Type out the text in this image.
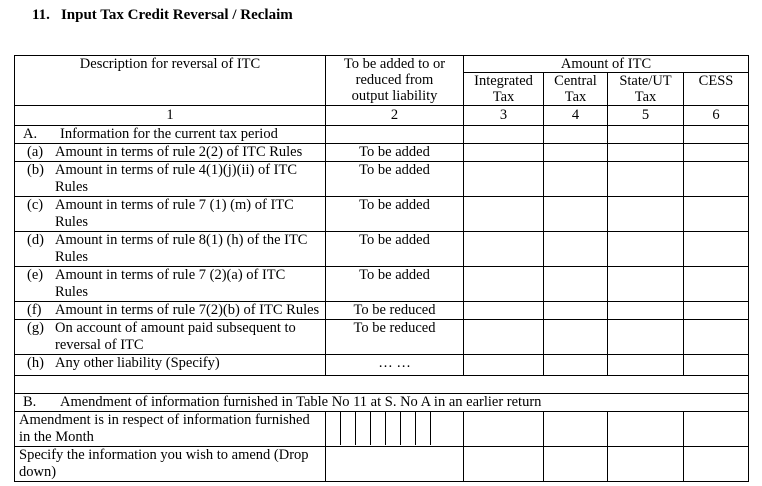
11. Input Tax Credit Reversal / Reclaim
Description for reversal of ITC	To be added to or
reduced from
output liability	Amount of ITC			
		Integrated Tax	Central Tax	State/UT Tax	CESS
1	2	3	4	5	6

A. Information for the current tax period					

(a) Amount in terms of rule 2(2) of ITC Rules	To be added				

(b) Amount in terms of rule 4(1)(j)(ii) of ITC
Rules	To be added				

(c) Amount in terms of rule 7 (1) (m) of ITC
Rules	To be added				

(d) Amount in terms of rule 8(1) (h) of the ITC
Rules	To be added				

(e) Amount in terms of rule 7 (2)(a) of ITC
Rules	To be added				

(f) Amount in terms of rule 7(2)(b) of ITC Rules	To be reduced				

(g) On account of amount paid subsequent to
reversal of ITC	To be reduced				

(h) Any other liability (Specify)	… …				

B. Amendment of information furnished in Table No 11 at S. No A in an earlier return					

Amendment is in respect of information furnished
in the Month					

Specify the information you wish to amend (Drop
down)					
